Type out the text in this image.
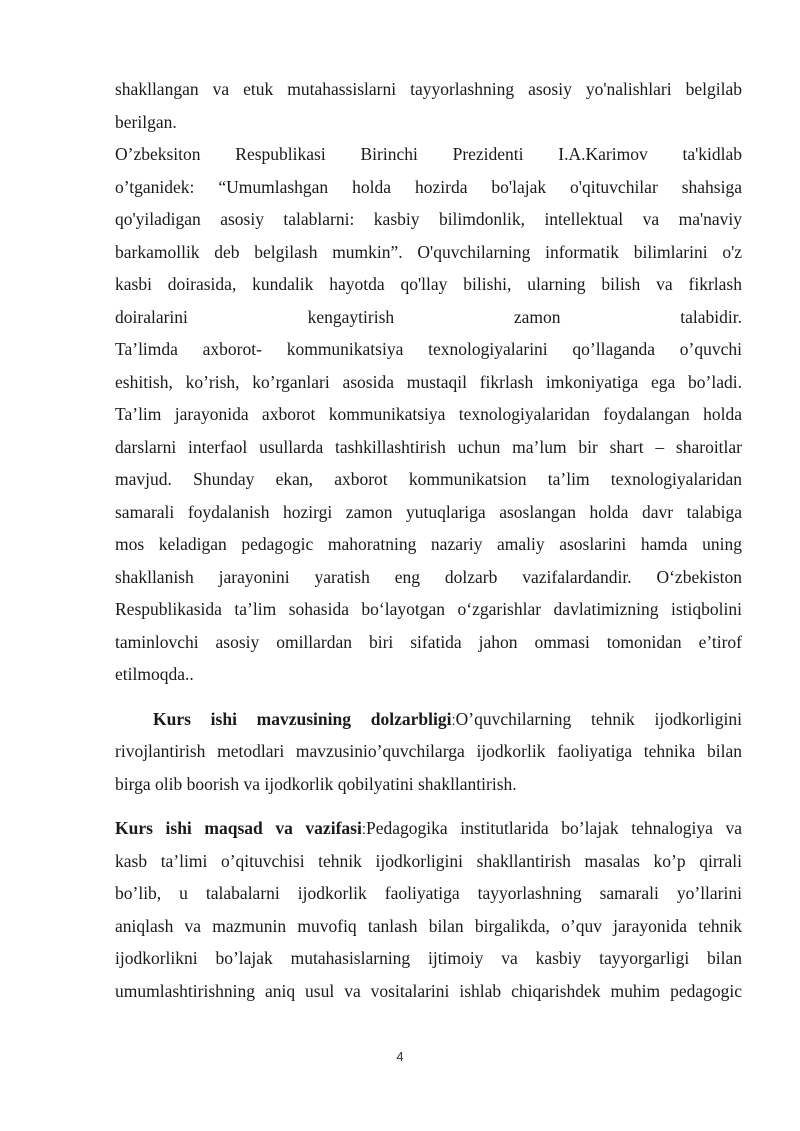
shakllangan va etuk mutahassislarni tayyorlashning asosiy yo'nalishlari belgilab
berilgan.
O’zbeksiton Respublikasi Birinchi Prezidenti I.A.Karimov ta'kidlab
o’tganidek: “Umumlashgan holda hozirda bo'lajak o'qituvchilar shahsiga
qo'yiladigan asosiy talablarni: kasbiy bilimdonlik, intellektual va ma'naviy
barkamollik deb belgilash mumkin”. O'quvchilarning informatik bilimlarini o'z
kasbi doirasida, kundalik hayotda qo'llay bilishi, ularning bilish va fikrlash
doiralarini kengaytirish zamon talabidir.
Ta’limda axborot- kommunikatsiya texnologiyalarini qo’llaganda o’quvchi
eshitish, ko’rish, ko’rganlari asosida mustaqil fikrlash imkoniyatiga ega bo’ladi.
Ta’lim jarayonida axborot kommunikatsiya texnologiyalaridan foydalangan holda
darslarni interfaol usullarda tashkillashtirish uchun ma’lum bir shart – sharoitlar
mavjud. Shunday ekan, axborot kommunikatsion ta’lim texnologiyalaridan
samarali foydalanish hozirgi zamon yutuqlariga asoslangan holda davr talabiga
mos keladigan pedagogic mahoratning nazariy amaliy asoslarini hamda uning
shakllanish jarayonini yaratish eng dolzarb vazifalardandir. O‘zbekiston
Respublikasida ta’lim sohasida bo‘layotgan o‘zgarishlar davlatimizning istiqbolini
taminlovchi asosiy omillardan biri sifatida jahon ommasi tomonidan e’tirof
etilmoqda..
Kurs ishi mavzusining dolzarbligi:O’quvchilarning tehnik ijodkorligini
rivojlantirish metodlari mavzusinio’quvchilarga ijodkorlik faoliyatiga tehnika bilan
birga olib boorish va ijodkorlik qobilyatini shakllantirish.
Kurs ishi maqsad va vazifasi:Pedagogika institutlarida bo’lajak tehnalogiya va
kasb ta’limi o’qituvchisi tehnik ijodkorligini shakllantirish masalas ko’p qirrali
bo’lib, u talabalarni ijodkorlik faoliyatiga tayyorlashning samarali yo’llarini
aniqlash va mazmunin muvofiq tanlash bilan birgalikda, o’quv jarayonida tehnik
ijodkorlikni bo’lajak mutahasislarning ijtimoiy va kasbiy tayyorgarligi bilan
umumlashtirishning aniq usul va vositalarini ishlab chiqarishdek muhim pedagogic
4
